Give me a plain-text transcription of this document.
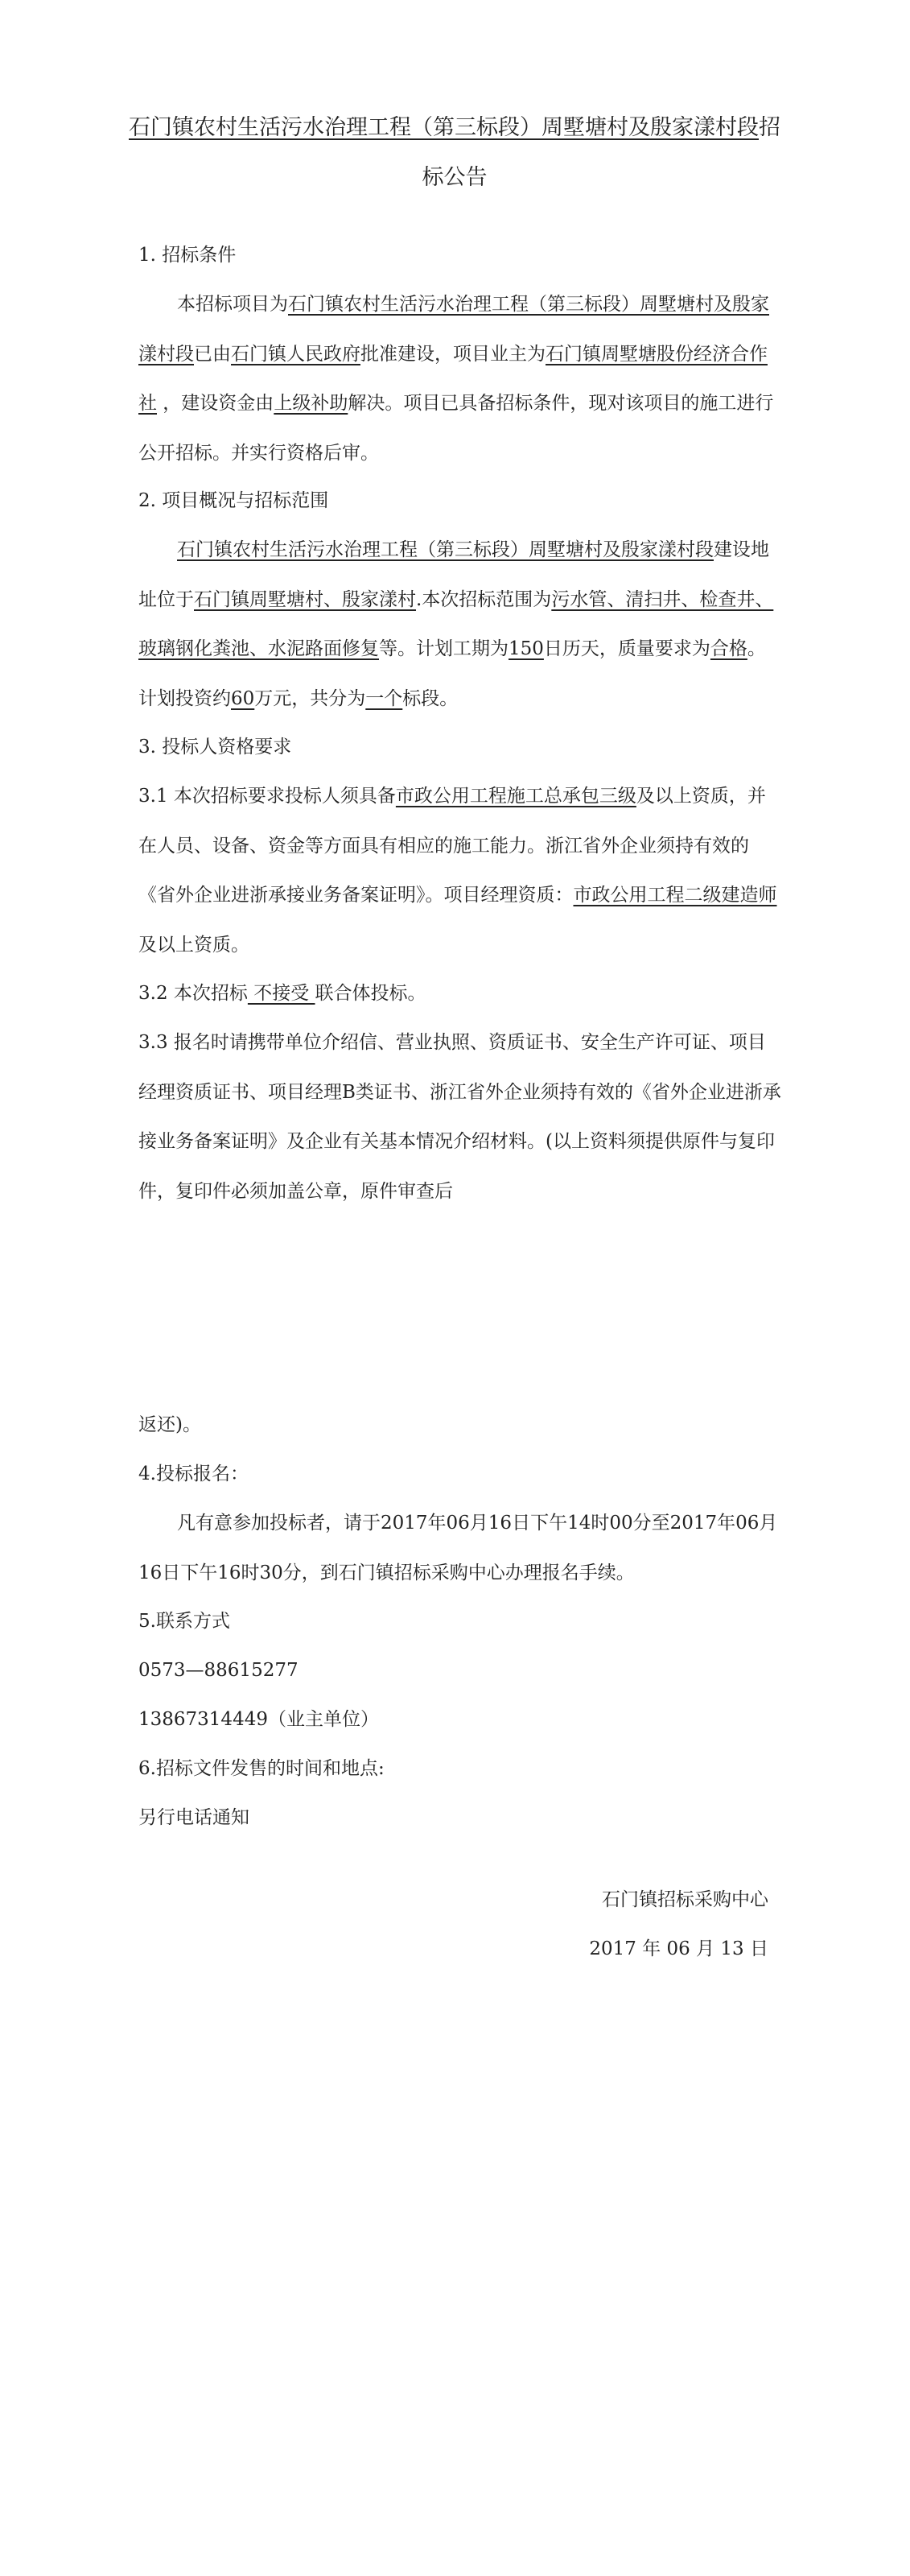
石门镇农村生活污水治理工程（第三标段）周墅塘村及殷家漾村段招标公告
1. 招标条件
本招标项目为石门镇农村生活污水治理工程（第三标段）周墅塘村及殷家漾村段已由石门镇人民政府批准建设，项目业主为石门镇周墅塘股份经济合作社 ，建设资金由上级补助解决。项目已具备招标条件，现对该项目的施工进行公开招标。并实行资格后审。
2. 项目概况与招标范围
石门镇农村生活污水治理工程（第三标段）周墅塘村及殷家漾村段建设地址位于石门镇周墅塘村、殷家漾村.本次招标范围为污水管、清扫井、检查井、玻璃钢化粪池、水泥路面修复等。计划工期为150日历天，质量要求为合格。计划投资约60万元，共分为一个标段。
3. 投标人资格要求
3.1 本次招标要求投标人须具备市政公用工程施工总承包三级及以上资质，并在人员、设备、资金等方面具有相应的施工能力。浙江省外企业须持有效的《省外企业进浙承接业务备案证明》。项目经理资质：市政公用工程二级建造师及以上资质。
3.2 本次招标 不接受 联合体投标。
3.3 报名时请携带单位介绍信、营业执照、资质证书、安全生产许可证、项目经理资质证书、项目经理B类证书、浙江省外企业须持有效的《省外企业进浙承接业务备案证明》及企业有关基本情况介绍材料。(以上资料须提供原件与复印件，复印件必须加盖公章，原件审查后
返还)。
4.投标报名：
凡有意参加投标者，请于2017年06月16日下午14时00分至2017年06月16日下午16时30分，到石门镇招标采购中心办理报名手续。
5.联系方式
0573—88615277
13867314449（业主单位）
6.招标文件发售的时间和地点:
另行电话通知
石门镇招标采购中心
2017 年 06 月 13 日
